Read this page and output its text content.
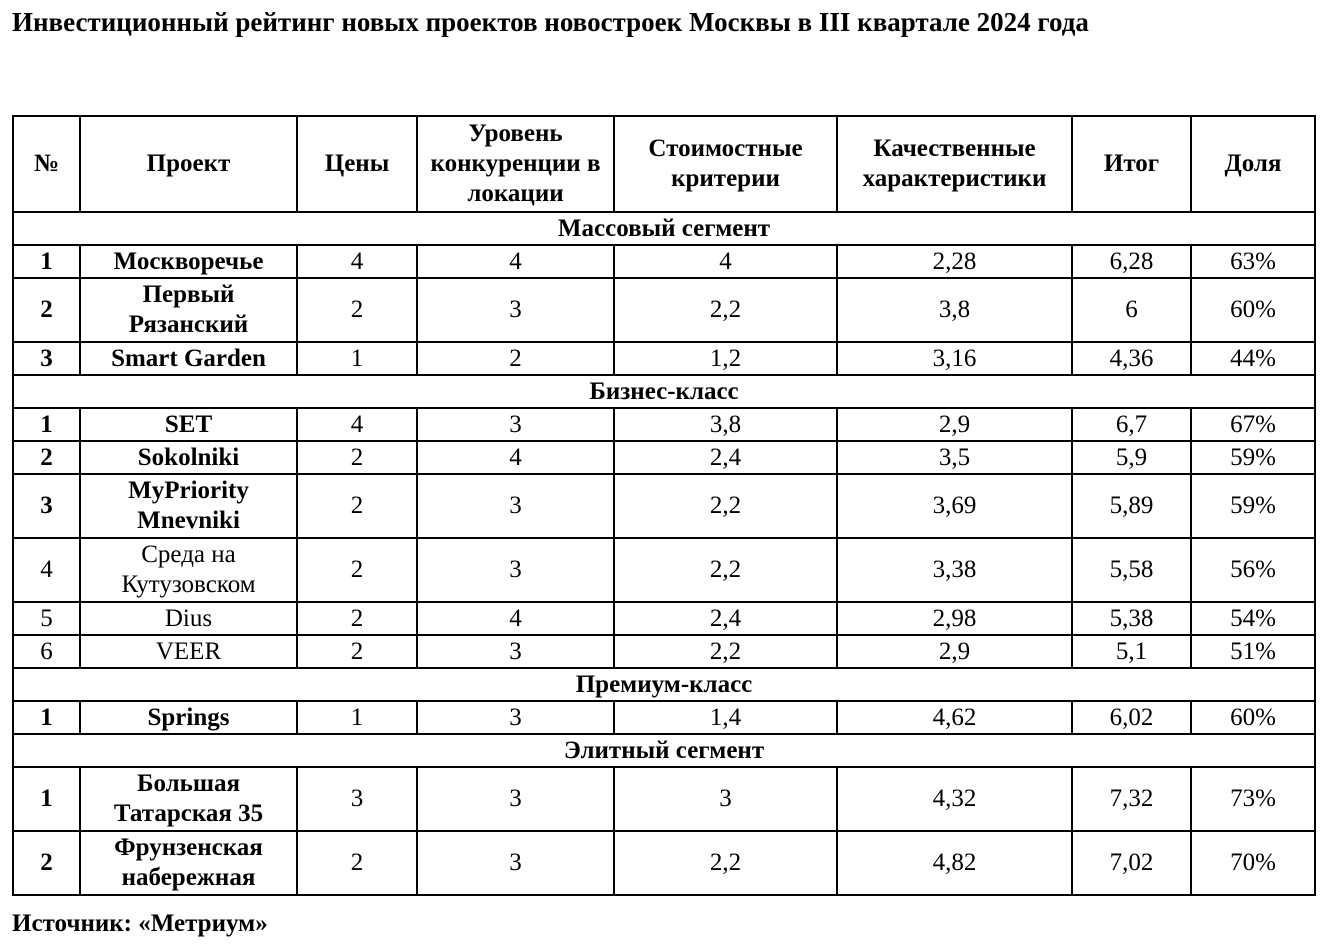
Инвестиционный рейтинг новых проектов новостроек Москвы в III квартале 2024 года
№	Проект	Цены	Уровень конкуренции в локации	Стоимостные критерии	Качественные характеристики	Итог	Доля
Массовый сегмент							
1	Москворечье	4	4	4	2,28	6,28	63%
2	Первый Рязанский	2	3	2,2	3,8	6	60%
3	Smart Garden	1	2	1,2	3,16	4,36	44%
Бизнес-класс							
1	SET	4	3	3,8	2,9	6,7	67%
2	Sokolniki	2	4	2,4	3,5	5,9	59%
3	MyPriority Mnevniki	2	3	2,2	3,69	5,89	59%
4	Среда на Кутузовском	2	3	2,2	3,38	5,58	56%
5	Dius	2	4	2,4	2,98	5,38	54%
6	VEER	2	3	2,2	2,9	5,1	51%
Премиум-класс							
1	Springs	1	3	1,4	4,62	6,02	60%
Элитный сегмент							
1	Большая Татарская 35	3	3	3	4,32	7,32	73%
2	Фрунзенская набережная	2	3	2,2	4,82	7,02	70%
Источник: «Метриум»
